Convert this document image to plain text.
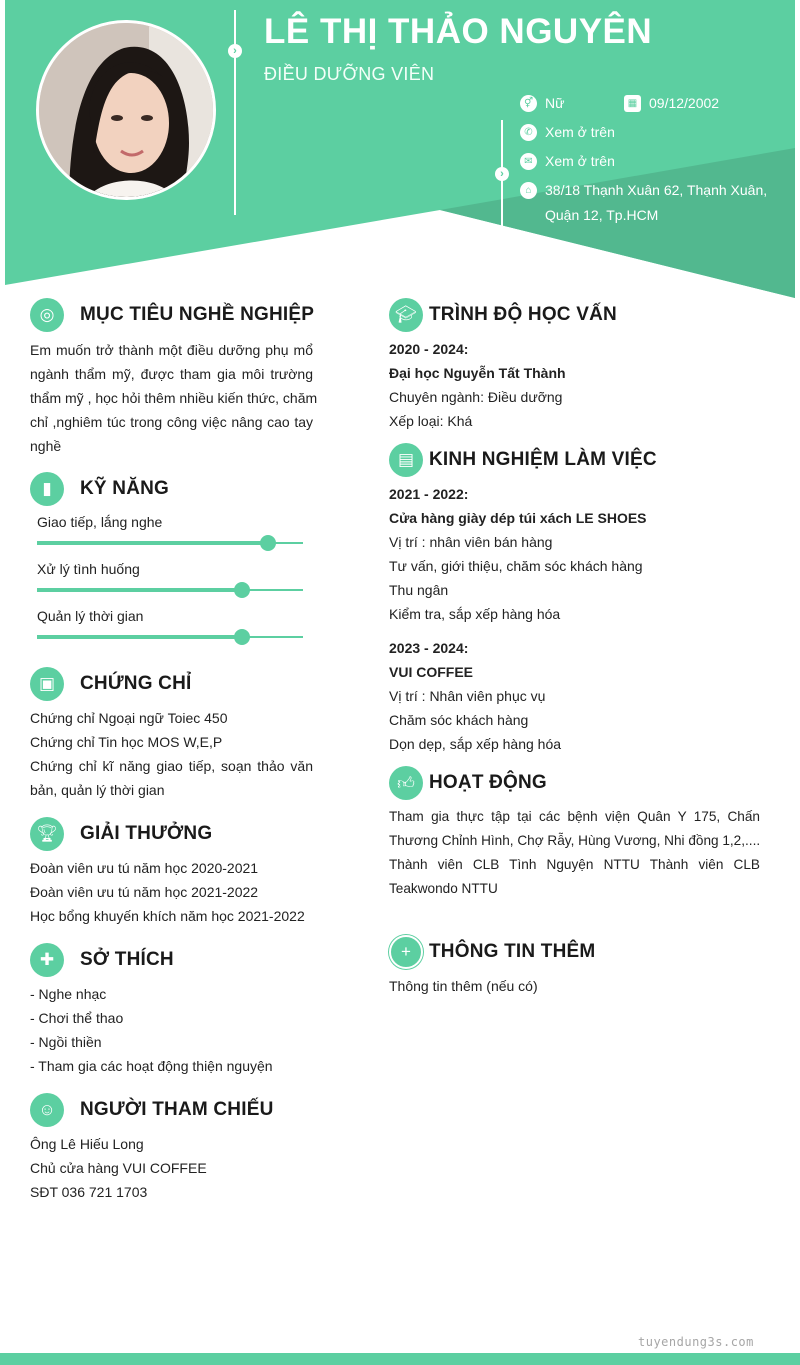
› LÊ THỊ THẢO NGUYÊN
ĐIỀU DƯỠNG VIÊN
›
⚥ Nữ	▦ 09/12/2002
✆ Xem ở trên
✉ Xem ở trên
⌂ 38/18 Thạnh Xuân 62, Thạnh Xuân,
Quận 12, Tp.HCM
◎	MỤC TIÊU NGHỀ NGHIỆP
Em muốn trở thành một điều dưỡng phụ mổ
ngành thẩm mỹ, được tham gia môi trường
thẩm mỹ , học hỏi thêm nhiều kiến thức, chăm
chỉ ,nghiêm túc trong công việc nâng cao tay
nghề
▮	KỸ NĂNG
Giao tiếp, lắng nghe
Xử lý tình huống
Quản lý thời gian
▣	CHỨNG CHỈ
Chứng chỉ Ngoại ngữ Toiec 450
Chứng chỉ Tin học MOS W,E,P
Chứng chỉ kĩ năng giao tiếp, soạn thảo văn
bản, quản lý thời gian
🏆︎	GIẢI THƯỞNG
Đoàn viên ưu tú năm học 2020-2021
Đoàn viên ưu tú năm học 2021-2022
Học bổng khuyến khích năm học 2021-2022
✚	SỞ THÍCH
- Nghe nhạc
- Chơi thể thao
- Ngồi thiền
- Tham gia các hoạt động thiện nguyện
☺	NGƯỜI THAM CHIẾU
Ông Lê Hiếu Long
Chủ cửa hàng VUI COFFEE
SĐT 036 721 1703
🎓︎ TRÌNH ĐỘ HỌC VẤN
2020 - 2024:
Đại học Nguyễn Tất Thành
Chuyên ngành: Điều dưỡng
Xếp loại: Khá
▤ KINH NGHIỆM LÀM VIỆC
2021 - 2022:
Cửa hàng giày dép túi xách LE SHOES
Vị trí : nhân viên bán hàng
Tư vấn, giới thiệu, chăm sóc khách hàng
Thu ngân
Kiểm tra, sắp xếp hàng hóa
2023 - 2024:
VUI COFFEE
Vị trí : Nhân viên phục vụ
Chăm sóc khách hàng
Dọn dẹp, sắp xếp hàng hóa
👍︎ HOẠT ĐỘNG
Tham gia thực tập tại các bệnh viện Quân Y 175, Chấn
Thương Chỉnh Hình, Chợ Rẫy, Hùng Vương, Nhi đồng 1,2,....
Thành viên CLB Tình Nguyện NTTU Thành viên CLB
Teakwondo NTTU
+ THÔNG TIN THÊM
Thông tin thêm (nếu có)
tuyendung3s.com
